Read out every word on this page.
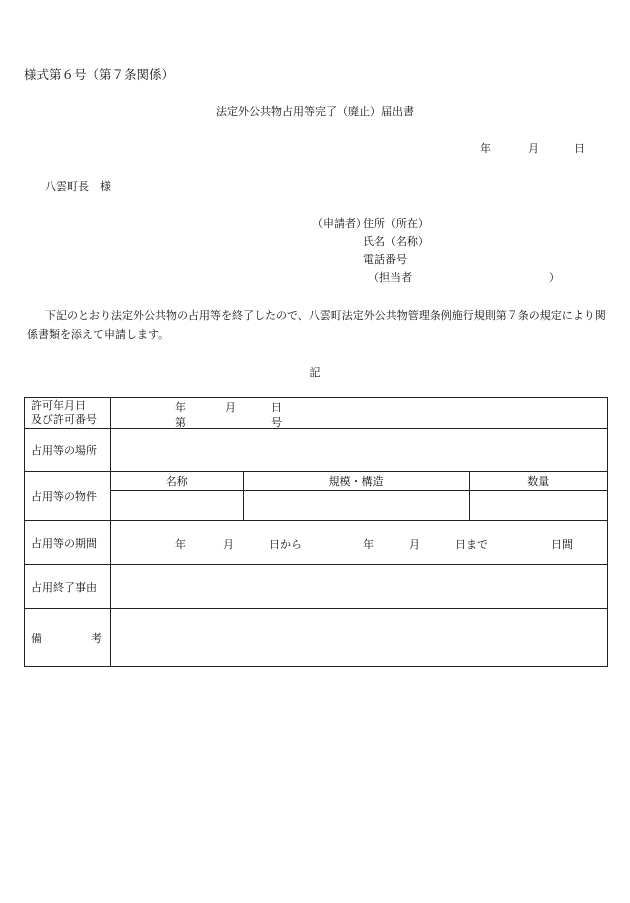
様式第６号（第７条関係）
法定外公共物占用等完了（廃止）届出書
年	月	日
八雲町長　様
（申請者）
住所（所在）
氏名（名称）
電話番号
（担当者	）
下記のとおり法定外公共物の占用等を終了したので、八雲町法定外公共物管理条例施行規則第７条の規定により関係書類を添えて申請します。
記
許可年月日
及び許可番号

年	月	日
第	号

占用等の場所	
占用等の物件	
名称	規模・構造	数量

占用等の期間	年	月	日から	年	月	日まで	日間

占用終了事由	

備	考
